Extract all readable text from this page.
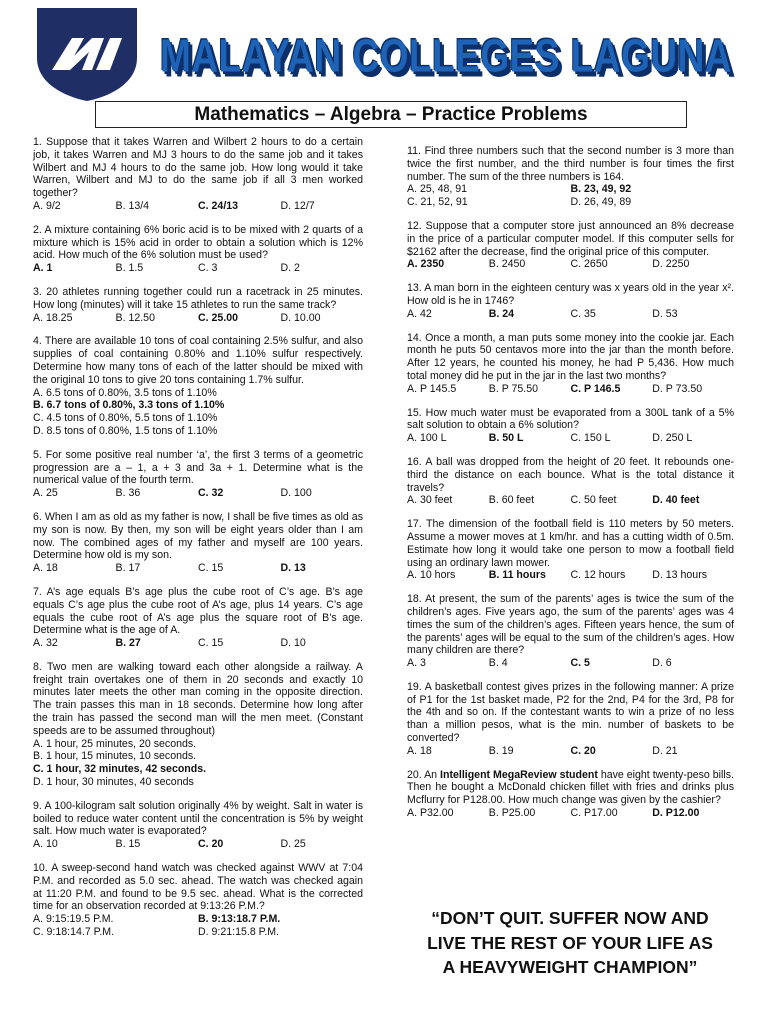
MALAYAN COLLEGES LAGUNA
Mathematics – Algebra – Practice Problems
1. Suppose that it takes Warren and Wilbert 2 hours to do a certain job, it takes Warren and MJ 3 hours to do the same job and it takes Wilbert and MJ 4 hours to do the same job. How long would it take Warren, Wilbert and MJ to do the same job if all 3 men worked together?
A. 9/2	B. 13/4	C. 24/13	D. 12/7
2. A mixture containing 6% boric acid is to be mixed with 2 quarts of a mixture which is 15% acid in order to obtain a solution which is 12% acid. How much of the 6% solution must be used?
A. 1	B. 1.5	C. 3	D. 2
3. 20 athletes running together could run a racetrack in 25 minutes. How long (minutes) will it take 15 athletes to run the same track?
A. 18.25	B. 12.50	C. 25.00	D. 10.00
4. There are available 10 tons of coal containing 2.5% sulfur, and also supplies of coal containing 0.80% and 1.10% sulfur respectively. Determine how many tons of each of the latter should be mixed with the original 10 tons to give 20 tons containing 1.7% sulfur.
A. 6.5 tons of 0.80%, 3.5 tons of 1.10%
B. 6.7 tons of 0.80%, 3.3 tons of 1.10%
C. 4.5 tons of 0.80%, 5.5 tons of 1.10%
D. 8.5 tons of 0.80%, 1.5 tons of 1.10%
5. For some positive real number ‘a’, the first 3 terms of a geometric progression are a – 1, a + 3 and 3a + 1. Determine what is the numerical value of the fourth term.
A. 25	B. 36	C. 32	D. 100
6. When I am as old as my father is now, I shall be five times as old as my son is now. By then, my son will be eight years older than I am now. The combined ages of my father and myself are 100 years. Determine how old is my son.
A. 18	B. 17	C. 15	D. 13
7. A’s age equals B’s age plus the cube root of C’s age. B’s age equals C’s age plus the cube root of A’s age, plus 14 years. C’s age equals the cube root of A’s age plus the square root of B’s age. Determine what is the age of A.
A. 32	B. 27	C. 15	D. 10
8. Two men are walking toward each other alongside a railway. A freight train overtakes one of them in 20 seconds and exactly 10 minutes later meets the other man coming in the opposite direction. The train passes this man in 18 seconds. Determine how long after the train has passed the second man will the men meet. (Constant speeds are to be assumed throughout)
A. 1 hour, 25 minutes, 20 seconds.
B. 1 hour, 15 minutes, 10 seconds.
C. 1 hour, 32 minutes, 42 seconds.
D. 1 hour, 30 minutes, 40 seconds
9. A 100-kilogram salt solution originally 4% by weight. Salt in water is boiled to reduce water content until the concentration is 5% by weight salt. How much water is evaporated?
A. 10	B. 15	C. 20	D. 25
10. A sweep-second hand watch was checked against WWV at 7:04 P.M. and recorded as 5.0 sec. ahead. The watch was checked again at 11:20 P.M. and found to be 9.5 sec. ahead. What is the corrected time for an observation recorded at 9:13:26 P.M.?
A. 9:15:19.5 P.M.	B. 9:13:18.7 P.M.
C. 9:18:14.7 P.M.	D. 9:21:15.8 P.M.
11. Find three numbers such that the second number is 3 more than twice the first number, and the third number is four times the first number. The sum of the three numbers is 164.
A. 25, 48, 91	B. 23, 49, 92
C. 21, 52, 91	D. 26, 49, 89
12. Suppose that a computer store just announced an 8% decrease in the price of a particular computer model. If this computer sells for $2162 after the decrease, find the original price of this computer.
A. 2350	B. 2450	C. 2650	D. 2250
13. A man born in the eighteen century was x years old in the year x². How old is he in 1746?
A. 42	B. 24	C. 35	D. 53
14. Once a month, a man puts some money into the cookie jar. Each month he puts 50 centavos more into the jar than the month before. After 12 years, he counted his money, he had P 5,436. How much total money did he put in the jar in the last two months?
A. P 145.5	B. P 75.50	C. P 146.5	D. P 73.50
15. How much water must be evaporated from a 300L tank of a 5% salt solution to obtain a 6% solution?
A. 100 L	B. 50 L	C. 150 L	D. 250 L
16. A ball was dropped from the height of 20 feet. It rebounds one-third the distance on each bounce. What is the total distance it travels?
A. 30 feet	B. 60 feet	C. 50 feet	D. 40 feet
17. The dimension of the football field is 110 meters by 50 meters. Assume a mower moves at 1 km/hr. and has a cutting width of 0.5m. Estimate how long it would take one person to mow a football field using an ordinary lawn mower.
A. 10 hors	B. 11 hours	C. 12 hours	D. 13 hours
18. At present, the sum of the parents’ ages is twice the sum of the children’s ages. Five years ago, the sum of the parents’ ages was 4 times the sum of the children’s ages. Fifteen years hence, the sum of the parents’ ages will be equal to the sum of the children’s ages. How many children are there?
A. 3	B. 4	C. 5	D. 6
19. A basketball contest gives prizes in the following manner: A prize of P1 for the 1st basket made, P2 for the 2nd, P4 for the 3rd, P8 for the 4th and so on. If the contestant wants to win a prize of no less than a million pesos, what is the min. number of baskets to be converted?
A. 18	B. 19	C. 20	D. 21
20. An Intelligent MegaReview student have eight twenty-peso bills. Then he bought a McDonald chicken fillet with fries and drinks plus Mcflurry for P128.00. How much change was given by the cashier?
A. P32.00	B. P25.00	C. P17.00	D. P12.00
“DON’T QUIT. SUFFER NOW AND
LIVE THE REST OF YOUR LIFE AS
A HEAVYWEIGHT CHAMPION”
